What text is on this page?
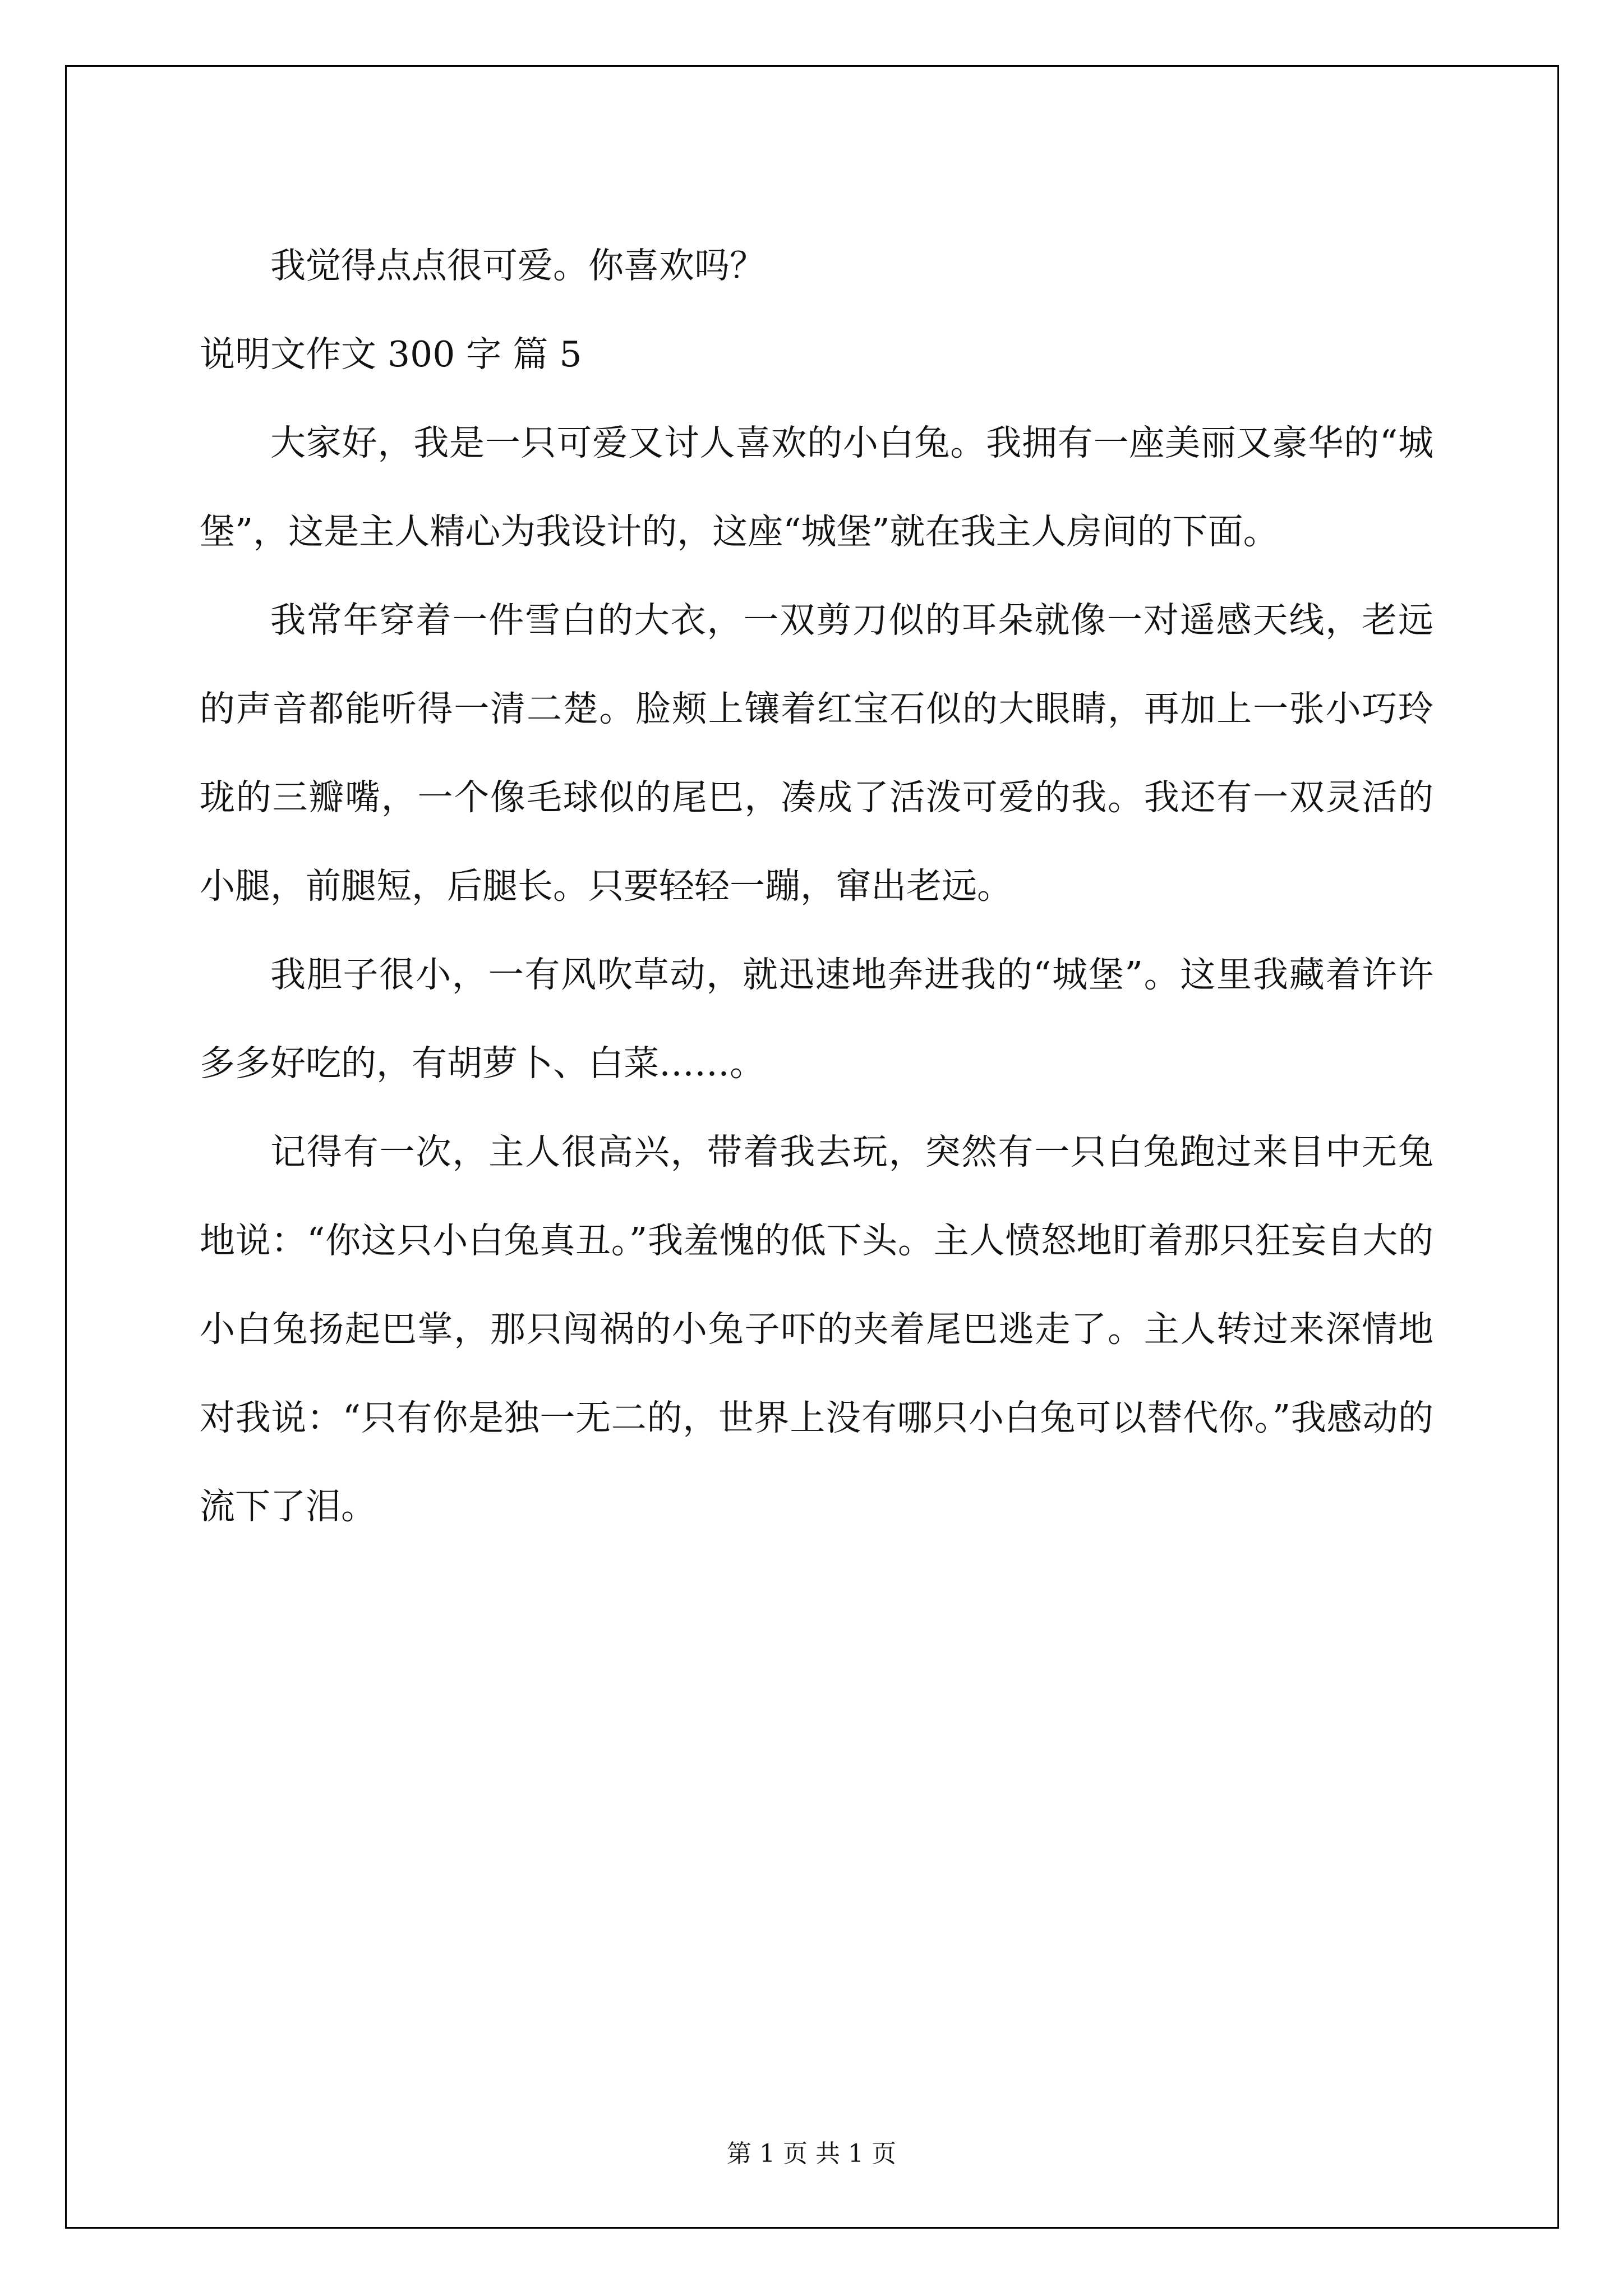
我觉得点点很可爱。你喜欢吗？

说明文作文 300 字 篇 5

大家好，我是一只可爱又讨人喜欢的小白兔。我拥有一座美丽又豪华的“城堡”，这是主人精心为我设计的，这座“城堡”就在我主人房间的下面。

我常年穿着一件雪白的大衣，一双剪刀似的耳朵就像一对遥感天线，老远的声音都能听得一清二楚。脸颊上镶着红宝石似的大眼睛，再加上一张小巧玲珑的三瓣嘴，一个像毛球似的尾巴，凑成了活泼可爱的我。我还有一双灵活的小腿，前腿短，后腿长。只要轻轻一蹦，窜出老远。

我胆子很小，一有风吹草动，就迅速地奔进我的“城堡”。这里我藏着许许多多好吃的，有胡萝卜、白菜……。

记得有一次，主人很高兴，带着我去玩，突然有一只白兔跑过来目中无兔地说：“你这只小白兔真丑。”我羞愧的低下头。主人愤怒地盯着那只狂妄自大的小白兔扬起巴掌，那只闯祸的小兔子吓的夹着尾巴逃走了。主人转过来深情地对我说：“只有你是独一无二的，世界上没有哪只小白兔可以替代你。”我感动的流下了泪。

第 1 页 共 1 页
